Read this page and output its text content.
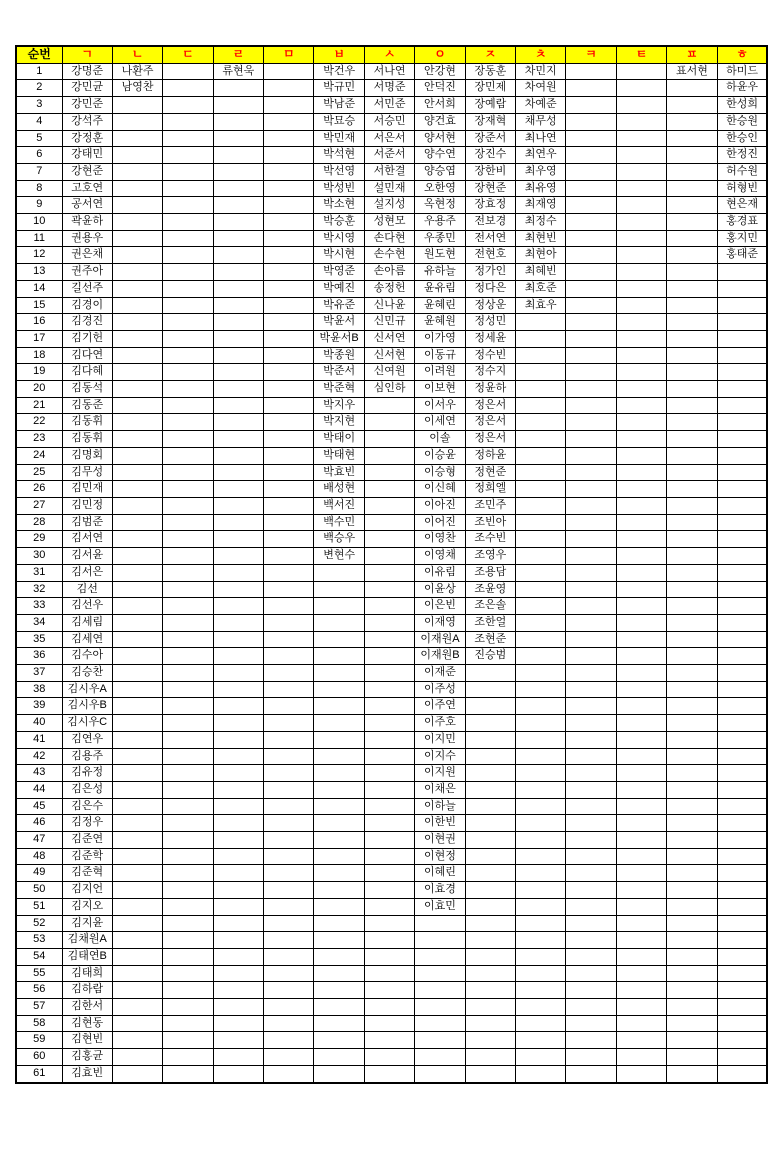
순번	ㄱ	ㄴ	ㄷ	ㄹ	ㅁ	ㅂ	ㅅ	ㅇ	ㅈ	ㅊ	ㅋ	ㅌ	ㅍ	ㅎ
1	강명준	나환주		류현욱		박건우	서나연	안강현	장동훈	차민지			표서현	하미드
2	강민균	남영찬				박규민	서명준	안덕진	장민제	차여원				하윤우
3	강민준					박남준	서민준	안서희	장예람	차예준				한성희
4	강석주					박묘승	서승민	양건효	장재혁	채무성				한승원
5	강정훈					박민재	서은서	양서현	장준서	최나연				한승인
6	강태민					박석현	서준서	양수연	장진수	최연우				한정진
7	강현준					박선영	서한결	양승엽	장한비	최우영				허수원
8	고호연					박성빈	설민재	오한영	장현준	최유영				허형빈
9	공서연					박소현	설지성	옥현정	장효정	최재영				현은재
10	곽윤하					박승훈	성현모	우용주	전보경	최정수				홍경표
11	권용우					박시영	손다현	우종민	전서연	최현빈				홍지민
12	권은채					박시현	손수현	원도현	전현호	최현아				홍태준
13	권주아					박영준	손아름	유하늘	정가인	최혜빈				
14	길선주					박예진	송정헌	윤유림	정다은	최호준				
15	김경이					박유준	신나윤	윤혜린	정상운	최효우				
16	김경진					박윤서	신민규	윤혜원	정성민					
17	김기헌					박윤서B	신서연	이가영	정세윤					
18	김다연					박종원	신서현	이동규	정수빈					
19	김다혜					박준서	신여원	이려원	정수지					
20	김동석					박준혁	심인하	이보현	정윤하					
21	김동준					박지우		이서우	정은서					
22	김동휘					박지현		이세연	정은서					
23	김동휘					박태이		이솔	정은서					
24	김명회					박태현		이승윤	정하윤					
25	김무성					박효빈		이승형	정현준					
26	김민재					배성현		이신혜	정희엘					
27	김민정					백서진		이아진	조민주					
28	김범준					백수민		이어진	조빈아					
29	김서연					백승우		이영찬	조수빈					
30	김서윤					변현수		이영채	조영우					
31	김서은							이유림	조용담					
32	김선							이윤상	조윤영					
33	김선우							이은빈	조은솔					
34	김세림							이재영	조한얼					
35	김세연							이재원A	조현준					
36	김수아							이재원B	진승범					
37	김승찬							이재준						
38	김시우A							이주성						
39	김시우B							이주연						
40	김시우C							이주호						
41	김연우							이지민						
42	김용주							이지수						
43	김유정							이지원						
44	김은성							이채은						
45	김은수							이하늘						
46	김정우							이한빈						
47	김준연							이현권						
48	김준학							이현정						
49	김준혁							이혜린						
50	김지언							이효경						
51	김지오							이효민						
52	김지윤													
53	김채원A													
54	김태연B													
55	김태희													
56	김하람													
57	김한서													
58	김현동													
59	김현빈													
60	김홍균													
61	김효빈													
